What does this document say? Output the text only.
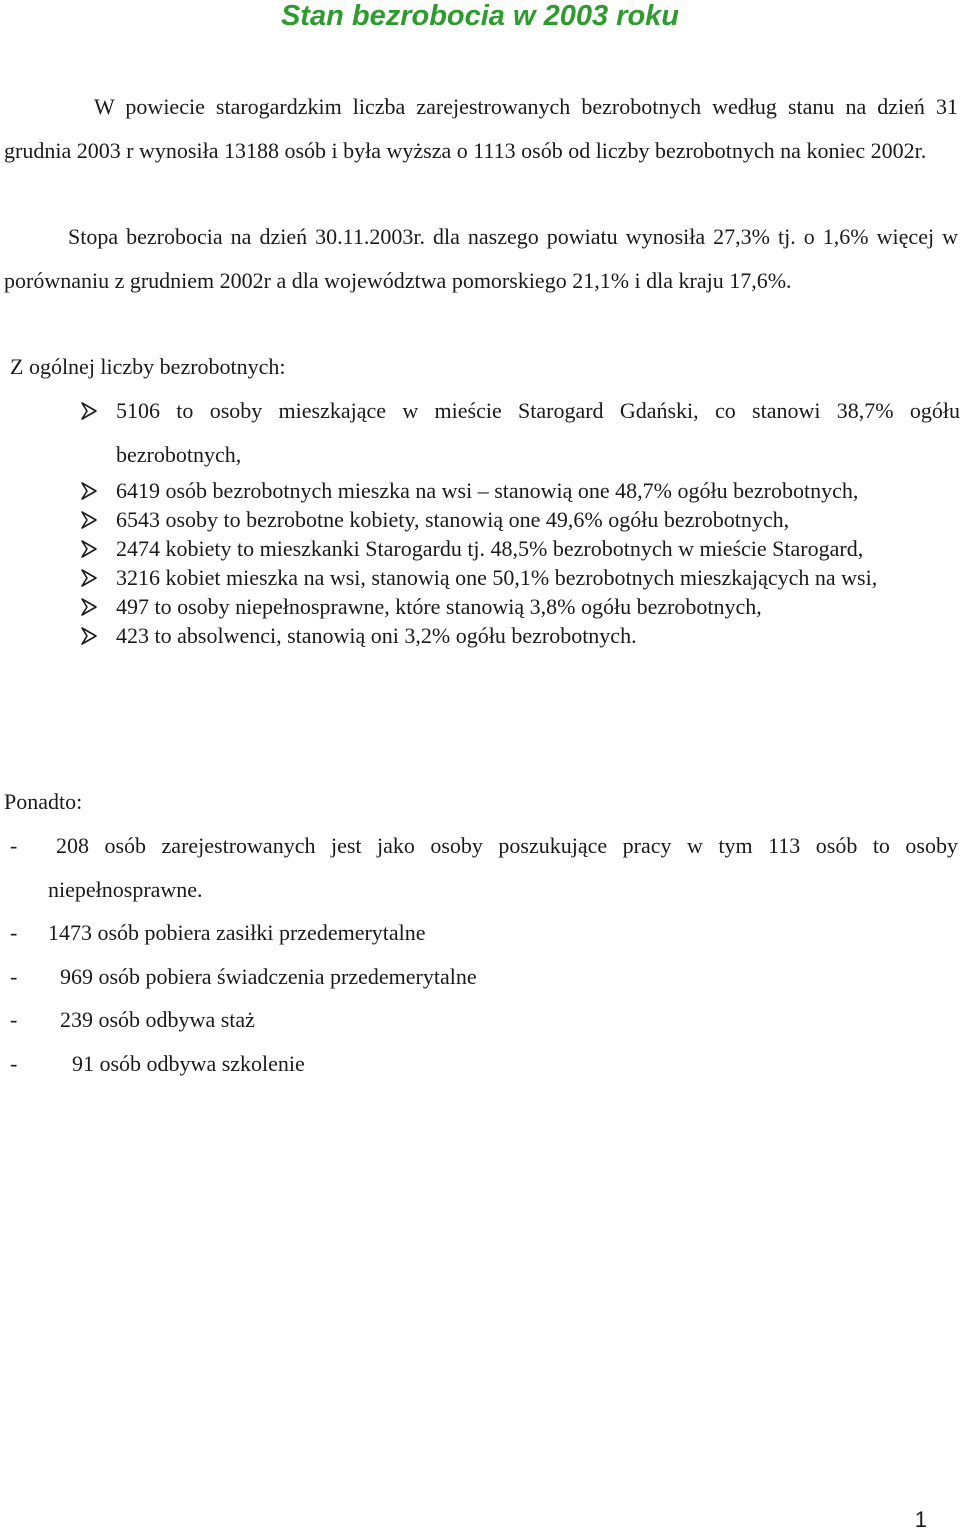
Stan bezrobocia w 2003 roku

W powiecie starogardzkim liczba zarejestrowanych bezrobotnych według stanu na dzień 31 grudnia 2003 r wynosiła 13188 osób i była wyższa o 1113 osób od liczby bezrobotnych na koniec 2002r.

Stopa bezrobocia na dzień 30.11.2003r. dla naszego powiatu wynosiła 27,3% tj. o 1,6% więcej w porównaniu z grudniem 2002r a dla województwa pomorskiego 21,1% i dla kraju 17,6%.

Z ogólnej liczby bezrobotnych:

5106 to osoby mieszkające w mieście Starogard Gdański, co stanowi 38,7% ogółu bezrobotnych,
6419 osób bezrobotnych mieszka na wsi – stanowią one 48,7% ogółu bezrobotnych,
6543 osoby to bezrobotne kobiety, stanowią one 49,6% ogółu bezrobotnych,
2474 kobiety to mieszkanki Starogardu tj. 48,5% bezrobotnych w mieście Starogard,
3216 kobiet mieszka na wsi, stanowią one 50,1% bezrobotnych mieszkających na wsi,
497 to osoby niepełnosprawne, które stanowią 3,8% ogółu bezrobotnych,
423 to absolwenci, stanowią oni 3,2% ogółu bezrobotnych.

Ponadto:

- 208 osób zarejestrowanych jest jako osoby poszukujące pracy w tym 113 osób to osoby niepełnosprawne.
- 1473 osób pobiera zasiłki przedemerytalne
- 969 osób pobiera świadczenia przedemerytalne
- 239 osób odbywa staż
- 91 osób odbywa szkolenie
1
